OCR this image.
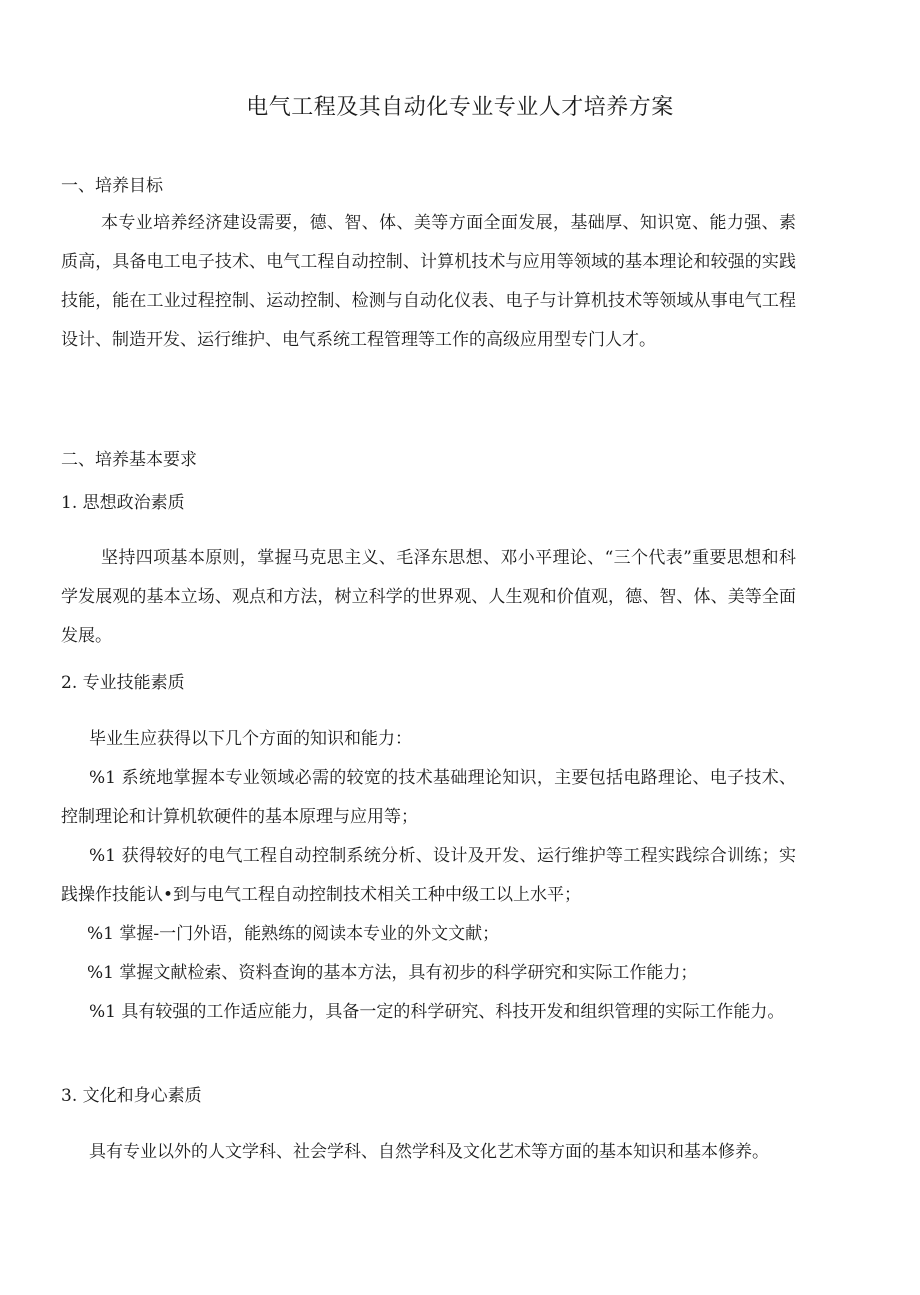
电气工程及其自动化专业专业人才培养方案
一、培养目标

本专业培养经济建设需要，德、智、体、美等方面全面发展，基础厚、知识宽、能力强、素质高，具备电工电子技术、电气工程自动控制、计算机技术与应用等领域的基本理论和较强的实践技能，能在工业过程控制、运动控制、检测与自动化仪表、电子与计算机技术等领域从事电气工程设计、制造开发、运行维护、电气系统工程管理等工作的高级应用型专门人才。

二、培养基本要求
1. 思想政治素质

坚持四项基本原则，掌握马克思主义、毛泽东思想、邓小平理论、“三个代表”重要思想和科学发展观的基本立场、观点和方法，树立科学的世界观、人生观和价值观，德、智、体、美等全面发展。

2. 专业技能素质

毕业生应获得以下几个方面的知识和能力：

%1 系统地掌握本专业领域必需的较宽的技术基础理论知识，主要包括电路理论、电子技术、控制理论和计算机软硬件的基本原理与应用等；

%1 获得较好的电气工程自动控制系统分析、设计及开发、运行维护等工程实践综合训练；实践操作技能认•到与电气工程自动控制技术相关工种中级工以上水平；

%1 掌握-一门外语，能熟练的阅读本专业的外文文献；

%1 掌握文献检索、资料查询的基本方法，具有初步的科学研究和实际工作能力；

%1 具有较强的工作适应能力，具备一定的科学研究、科技开发和组织管理的实际工作能力。

3. 文化和身心素质

具有专业以外的人文学科、社会学科、自然学科及文化艺术等方面的基本知识和基本修养。
